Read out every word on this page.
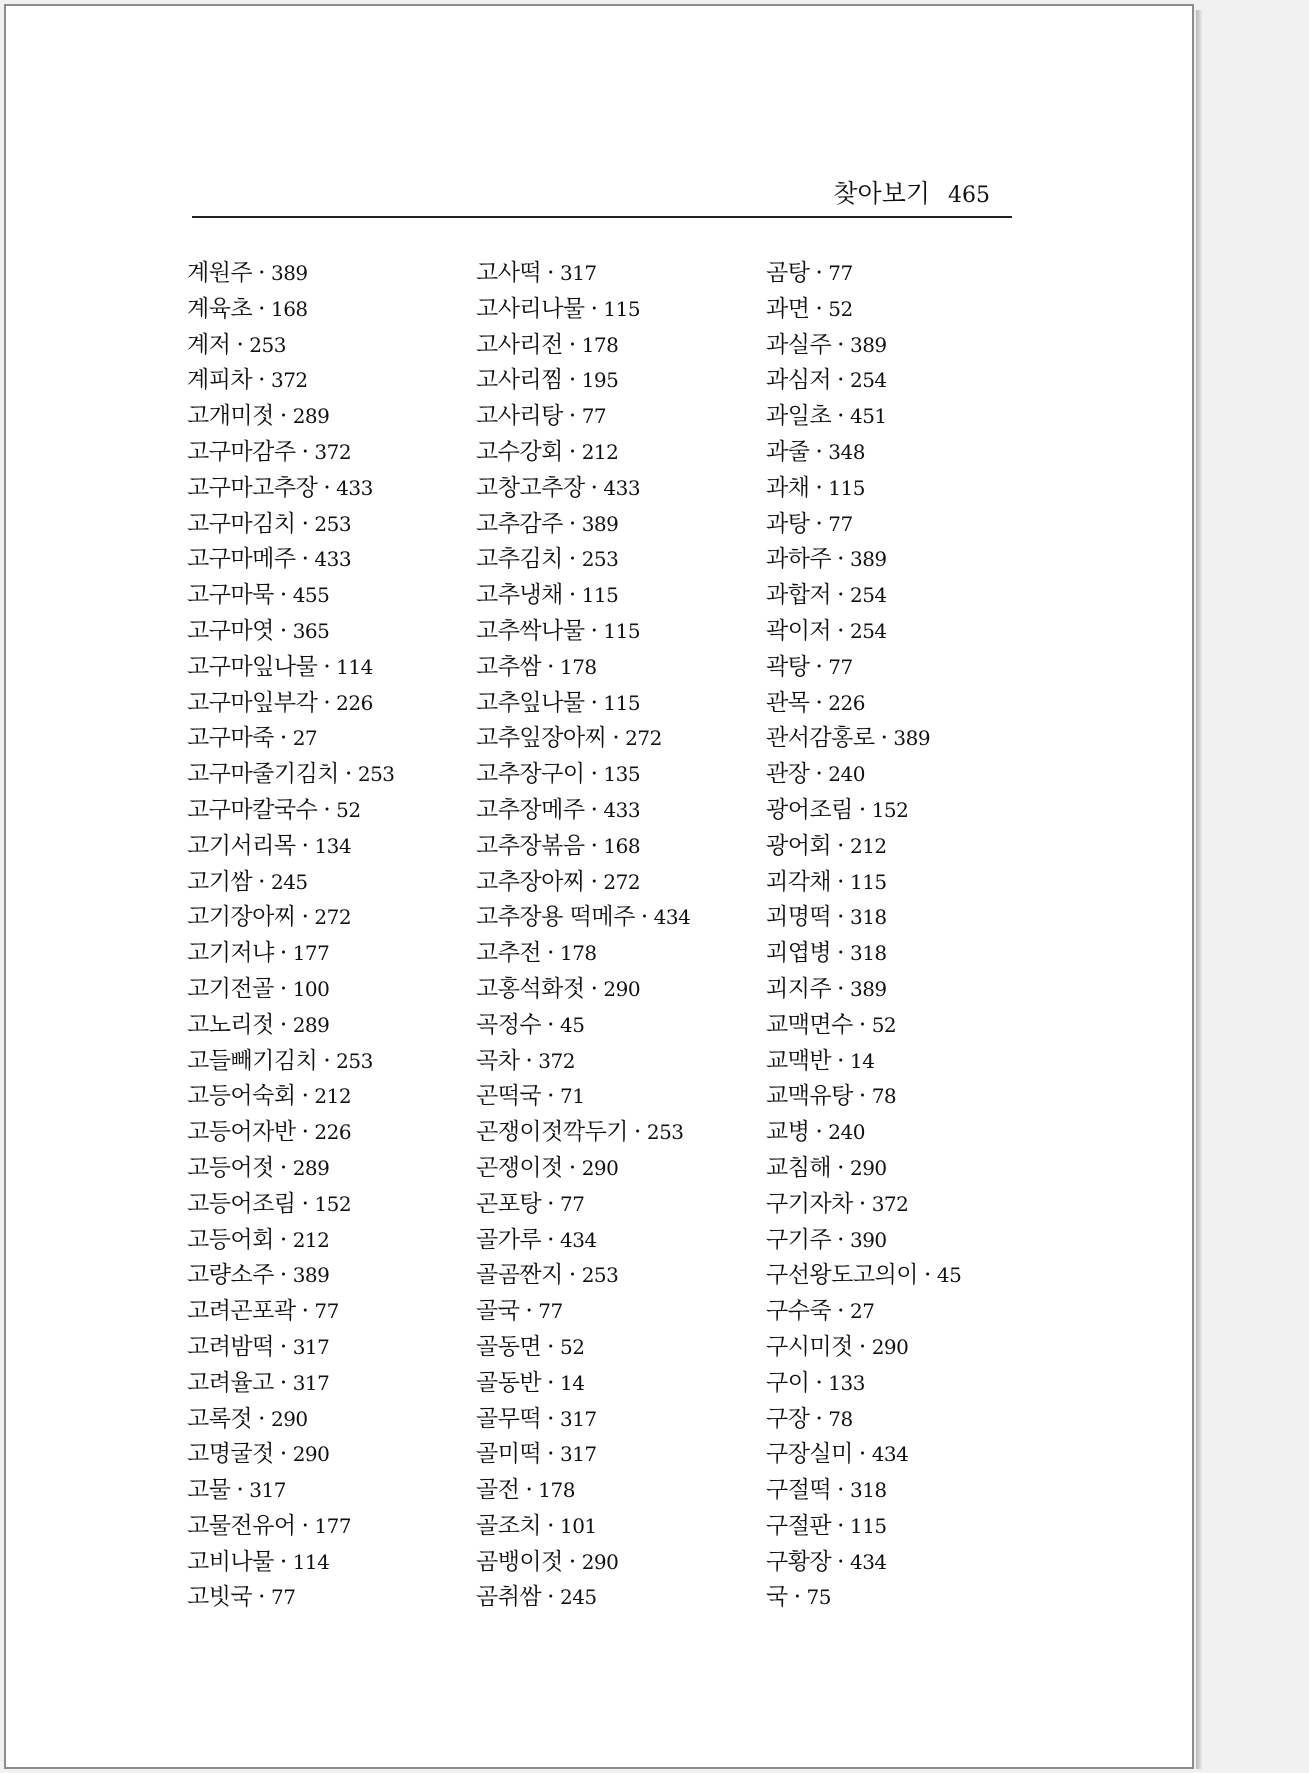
찾아보기 465
계원주 · 389
계육초 · 168
계저 · 253
계피차 · 372
고개미젓 · 289
고구마감주 · 372
고구마고추장 · 433
고구마김치 · 253
고구마메주 · 433
고구마묵 · 455
고구마엿 · 365
고구마잎나물 · 114
고구마잎부각 · 226
고구마죽 · 27
고구마줄기김치 · 253
고구마칼국수 · 52
고기서리목 · 134
고기쌈 · 245
고기장아찌 · 272
고기저냐 · 177
고기전골 · 100
고노리젓 · 289
고들빼기김치 · 253
고등어숙회 · 212
고등어자반 · 226
고등어젓 · 289
고등어조림 · 152
고등어회 · 212
고량소주 · 389
고려곤포곽 · 77
고려밤떡 · 317
고려율고 · 317
고록젓 · 290
고명굴젓 · 290
고물 · 317
고물전유어 · 177
고비나물 · 114
고빗국 · 77
고사떡 · 317
고사리나물 · 115
고사리전 · 178
고사리찜 · 195
고사리탕 · 77
고수강회 · 212
고창고추장 · 433
고추감주 · 389
고추김치 · 253
고추냉채 · 115
고추싹나물 · 115
고추쌈 · 178
고추잎나물 · 115
고추잎장아찌 · 272
고추장구이 · 135
고추장메주 · 433
고추장볶음 · 168
고추장아찌 · 272
고추장용 떡메주 · 434
고추전 · 178
고홍석화젓 · 290
곡정수 · 45
곡차 · 372
곤떡국 · 71
곤쟁이젓깍두기 · 253
곤쟁이젓 · 290
곤포탕 · 77
골가루 · 434
골곰짠지 · 253
골국 · 77
골동면 · 52
골동반 · 14
골무떡 · 317
골미떡 · 317
골전 · 178
골조치 · 101
곰뱅이젓 · 290
곰취쌈 · 245
곰탕 · 77
과면 · 52
과실주 · 389
과심저 · 254
과일초 · 451
과줄 · 348
과채 · 115
과탕 · 77
과하주 · 389
과합저 · 254
곽이저 · 254
곽탕 · 77
관목 · 226
관서감홍로 · 389
관장 · 240
광어조림 · 152
광어회 · 212
괴각채 · 115
괴명떡 · 318
괴엽병 · 318
괴지주 · 389
교맥면수 · 52
교맥반 · 14
교맥유탕 · 78
교병 · 240
교침해 · 290
구기자차 · 372
구기주 · 390
구선왕도고의이 · 45
구수죽 · 27
구시미젓 · 290
구이 · 133
구장 · 78
구장실미 · 434
구절떡 · 318
구절판 · 115
구황장 · 434
국 · 75
